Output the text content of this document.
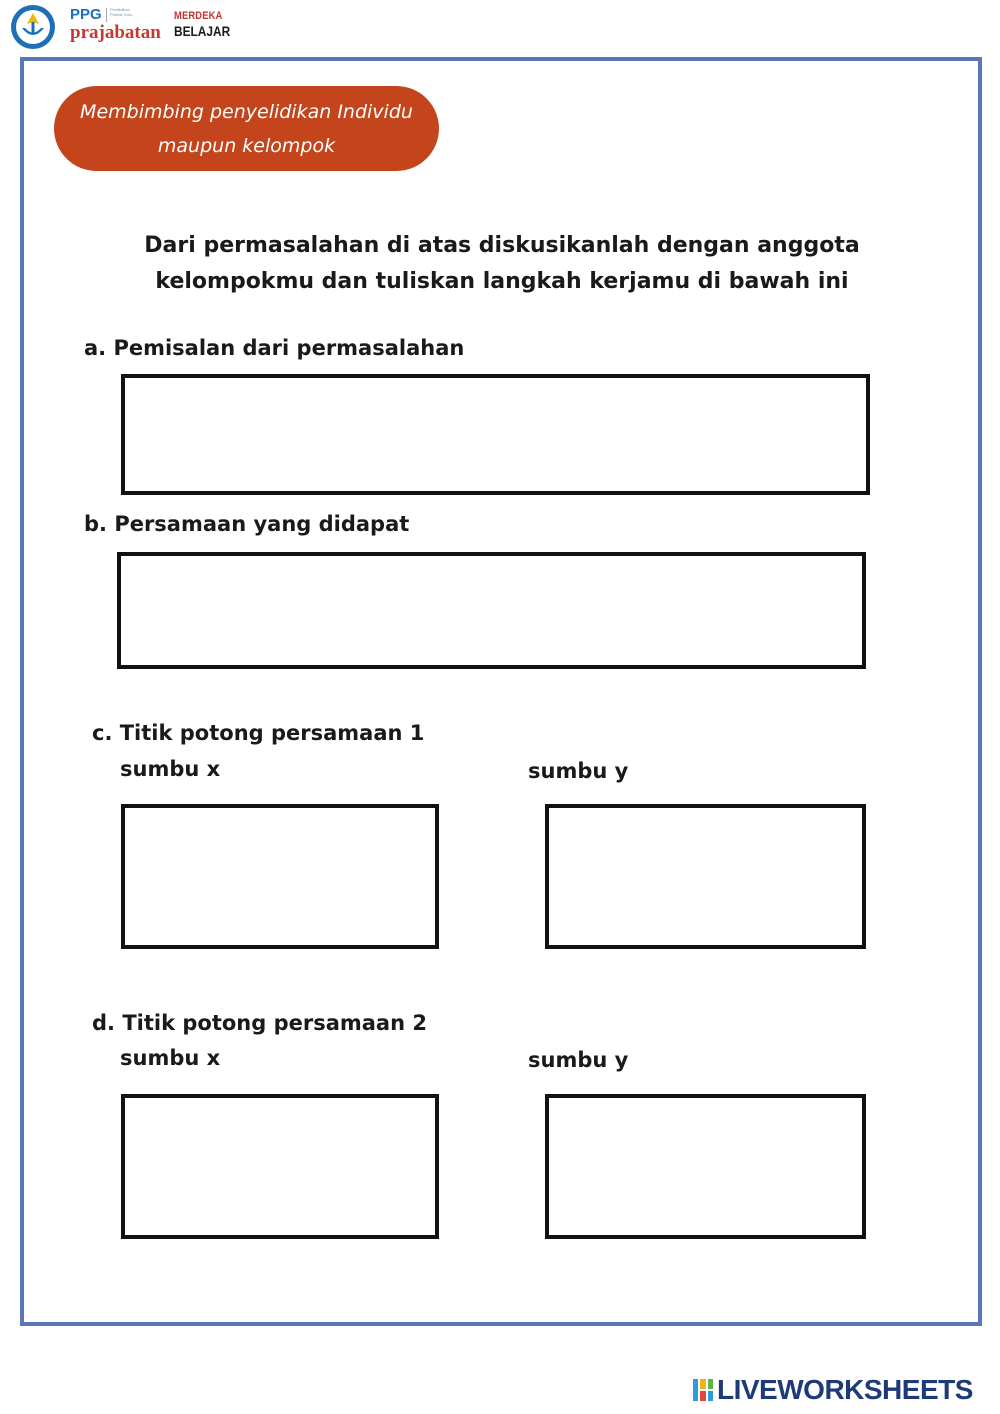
PPG Pendidikan Profesi Guru
prajabatan
MERDEKA
BELAJAR
Membimbing penyelidikan Individu
maupun kelompok
Dari permasalahan di atas diskusikanlah dengan anggota
kelompokmu dan tuliskan langkah kerjamu di bawah ini
a. Pemisalan dari permasalahan
b. Persamaan yang didapat
c. Titik potong persamaan 1
sumbu x	sumbu y
d. Titik potong persamaan 2
sumbu x	sumbu y
LIVEWORKSHEETS
